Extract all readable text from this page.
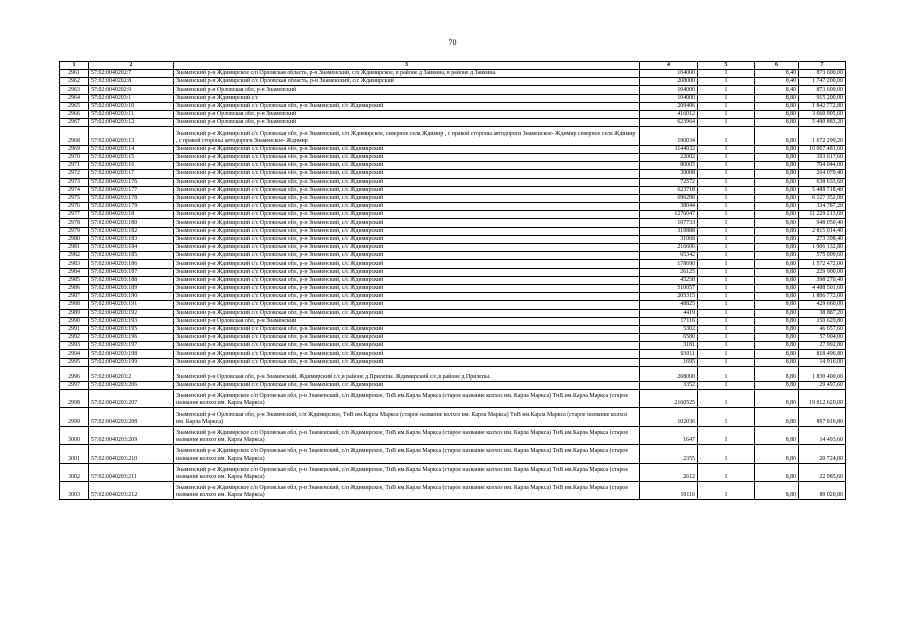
70
1	2	3	4	5	6	7
2961	57:02:0040202:7	Знаменский р-н Ждимирское с/п Орловская область, р-н Знаменский, с/п Ждимирское, в районе д Заикина, в районе д Заикина.	104000	1	8,40	873 600,00
2962	57:02:0040202:8	Знаменский р-н Ждимирский с/с Орловская область, р-н Знаменский, с/с Ждимирский	208000	1	8,40	1 747 200,00
2963	57:02:0040202:9	Знаменский р-н Орловская обл, р-н Знаменский	104000	1	8,40	873 600,00
2964	57:02:0040203:1	Знаменский р-н Ждимирский с/с	104000	1	8,80	915 200,00
2965	57:02:0040203:10	Знаменский р-н Ждимирский с/с Орловская обл, р-н Знаменский, с/с Ждимирский	209406	1	8,80	1 842 772,80
2966	57:02:0040203:11	Знаменский р-н Орловская обл, р-н Знаменский	416012	1	8,80	3 660 905,60
2967	57:02:0040203:12	Знаменский р-н Орловская обл, р-н Знаменский	623964	1	8,80	5 490 883,20
2968	57:02:0040203:13	Знаменский р-н Ждимирский с/с Орловская обл, р-н Знаменский, с/п Ждимирское, северное села Ждимир , с правой стороны автодороги Знаменское- Ждимир северное села Ждимир , с правой стороны автодороги Знаменское- Ждимир	190034	1	8,80	1 672 299,20
2969	57:02:0040203:14	Знаменский р-н Ждимирский с/с Орловская обл, р-н Знаменский, с/с Ждимирский	1144032	1	8,80	10 067 481,60
2970	57:02:0040203:15	Знаменский р-н Ждимирский с/с Орловская обл, р-н Знаменский, с/с Ждимирский	22002	1	8,80	193 617,60
2971	57:02:0040203:16	Знаменский р-н Ждимирский с/с Орловская обл, р-н Знаменский, с/с Ждимирский	80005	1	8,80	704 044,00
2972	57:02:0040203:17	Знаменский р-н Ждимирский с/с Орловская обл, р-н Знаменский, с/с Ждимирский	30008	1	8,80	264 070,40
2973	57:02:0040203:176	Знаменский р-н Ждимирский с/с Орловская обл, р-н Знаменский, с/с Ждимирский	72572	1	8,80	638 633,60
2974	57:02:0040203:177	Знаменский р-н Ждимирский с/с Орловская обл, р-н Знаменский, с/с Ждимирский	623718	1	8,80	5 488 718,40
2975	57:02:0040203:178	Знаменский р-н Ждимирский с/с Орловская обл, р-н Знаменский, с/с Ждимирский	696290	1	8,80	6 127 352,00
2976	57:02:0040203:179	Знаменский р-н Ждимирский с/с Орловская обл, р-н Знаменский, с/с Ждимирский	38044	1	8,80	334 787,20
2977	57:02:0040203:18	Знаменский р-н Ждимирский с/с Орловская обл, р-н Знаменский, с/с Ждимирский	1276047	1	8,80	11 229 213,60
2978	57:02:0040203:180	Знаменский р-н Ждимирский с/с Орловская обл, р-н Знаменский, с/с Ждимирский	107733	1	8,80	948 050,40
2979	57:02:0040203:182	Знаменский р-н Ждимирский с/с Орловская обл, р-н Знаменский, с/с Ждимирский	319888	1	8,80	2 815 014,40
2980	57:02:0040203:183	Знаменский р-н Ждимирский с/с Орловская обл, р-н Знаменский, с/с Ждимирский	31068	1	8,80	273 398,40
2981	57:02:0040203:184	Знаменский р-н Ждимирский с/с Орловская обл, р-н Знаменский, с/с Ждимирский	216606	1	8,80	1 906 132,80
2982	57:02:0040203:185	Знаменский р-н Ждимирский с/с Орловская обл, р-н Знаменский, с/с Ждимирский	65342	1	8,80	575 009,60
2983	57:02:0040203:186	Знаменский р-н Ждимирский с/с Орловская обл, р-н Знаменский, с/с Ждимирский	178690	1	8,80	1 572 472,00
2984	57:02:0040203:187	Знаменский р-н Ждимирский с/с Орловская обл, р-н Знаменский, с/с Ждимирский	26125	1	8,80	229 900,00
2985	57:02:0040203:188	Знаменский р-н Ждимирский с/с Орловская обл, р-н Знаменский, с/с Ждимирский	45258	1	8,80	398 270,40
2986	57:02:0040203:189	Знаменский р-н Ждимирский с/с Орловская обл, р-н Знаменский, с/с Ждимирский	510057	1	8,80	4 488 501,60
2987	57:02:0040203:190	Знаменский р-н Ждимирский с/с Орловская обл, р-н Знаменский, с/с Ждимирский	205315	1	8,80	1 806 772,00
2988	57:02:0040203:191	Знаменский р-н Ждимирский с/с Орловская обл, р-н Знаменский, с/с Ждимирский	48825	1	8,80	429 660,00
2989	57:02:0040203:192	Знаменский р-н Ждимирский с/с Орловская обл, р-н Знаменский, с/с Ждимирский	4419	1	8,80	38 887,20
2990	57:02:0040203:193	Знаменский р-н Орловская обл, р-н Знаменский	17116	1	8,80	150 620,80
2991	57:02:0040203:195	Знаменский р-н Ждимирский с/с Орловская обл, р-н Знаменский, с/с Ждимирский	5302	1	8,80	46 657,60
2992	57:02:0040203:196	Знаменский р-н Ждимирский с/с Орловская обл, р-н Знаменский, с/с Ждимирский	6580	1	8,80	57 904,00
2993	57:02:0040203:197	Знаменский р-н Ждимирский с/с Орловская обл, р-н Знаменский, с/с Ждимирский	3181	1	8,80	27 992,80
2994	57:02:0040203:198	Знаменский р-н Ждимирский с/с Орловская обл, р-н Знаменский, с/с Ждимирский	93011	1	8,80	818 496,80
2995	57:02:0040203:199	Знаменский р-н Ждимирский с/с Орловская обл, р-н Знаменский, с/с Ждимирский	1695	1	8,80	14 916,00
2996	57:02:0040203:2	Знаменский р-н Орловская обл, р-н Знаменский, Ждимирский с/с,в районе д.Прилепы. Ждимирский с/с,в районе д.Прилепы.	208000	1	8,80	1 830 400,00
2997	57:02:0040203:206	Знаменский р-н Ждимирский с/с Орловская обл, р-н Знаменский, с/с Ждимирский	3352	1	8,80	29 497,60
2998	57:02:0040203:207	Знаменский р-н Ждимирское с/п Орловская обл, р-н Знаменский, с/п Ждимирское, ТнВ им.Карла Маркса (старое название колхоз им. Карла Маркса) ТнВ им.Карла Маркса (старое название колхоз им. Карла Маркса)	2160525	1	8,80	19 012 620,00
2999	57:02:0040203:208	Знаменский р-н Орловская обл, р-н Знаменский, с/п Ждимирское, ТнВ им.Карла Маркса (старое название колхоз им. Карла Маркса) ТнВ им.Карла Маркса (старое название колхоз им. Карла Маркса)	102036	1	8,80	897 916,80
3000	57:02:0040203:209	Знаменский р-н Ждимирское с/п Орловская обл, р-н Знаменский, с/п Ждимирское, ТнВ им.Карла Маркса (старое название колхоз им. Карла Маркса) ТнВ им.Карла Маркса (старое название колхоз им. Карла Маркса)	1647	1	8,80	14 493,60
3001	57:02:0040203:210	Знаменский р-н Ждимирское с/п Орловская обл, р-н Знаменский, с/п Ждимирское, ТнВ им.Карла Маркса (старое название колхоз им. Карла Маркса) ТнВ им.Карла Маркса (старое название колхоз им. Карла Маркса)	2355	1	8,80	20 724,00
3002	57:02:0040203:211	Знаменский р-н Ждимирское с/п Орловская обл, р-н Знаменский, с/п Ждимирское, ТнВ им.Карла Маркса (старое название колхоз им. Карла Маркса) ТнВ им.Карла Маркса (старое название колхоз им. Карла Маркса)	2612	1	8,80	22 985,60
3003	57:02:0040203:212	Знаменский р-н Ждимирское с/п Орловская обл, р-н Знаменский, с/п Ждимирское, ТнВ им.Карла Маркса (старое название колхоз им. Карла Маркса) ТнВ им.Карла Маркса (старое название колхоз им. Карла Маркса)	10116	1	8,80	89 020,80
